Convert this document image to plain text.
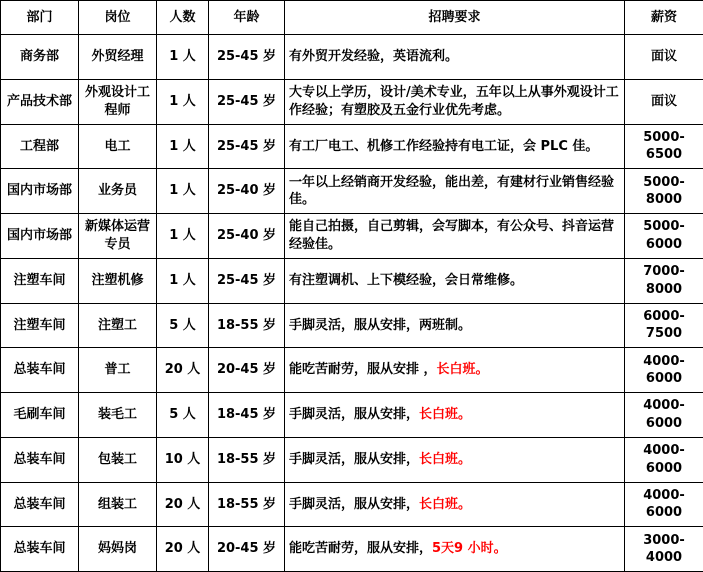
部门	岗位	人数	年龄	招聘要求	薪资
商务部	外贸经理	1 人	25-45 岁	有外贸开发经验，英语流利。	面议
产品技术部	外观设计工程师	1 人	25-45 岁	大专以上学历，设计/美术专业，五年以上从事外观设计工作经验；有塑胶及五金行业优先考虑。	面议
工程部	电工	1 人	25-45 岁	有工厂电工、机修工作经验持有电工证，会 PLC 佳。	5000-6500
国内市场部	业务员	1 人	25-40 岁	一年以上经销商开发经验，能出差，有建材行业销售经验佳。	5000-8000
国内市场部	新媒体运营专员	1 人	25-40 岁	能自己拍摄，自己剪辑，会写脚本，有公众号、抖音运营经验佳。	5000-6000
注塑车间	注塑机修	1 人	25-45 岁	有注塑调机、上下模经验，会日常维修。	7000-8000
注塑车间	注塑工	5 人	18-55 岁	手脚灵活，服从安排，两班制。	6000-7500
总装车间	普工	20 人	20-45 岁	能吃苦耐劳，服从安排 ，长白班。	4000-6000
毛刷车间	装毛工	5 人	18-45 岁	手脚灵活，服从安排，长白班。	4000-6000
总装车间	包装工	10 人	18-55 岁	手脚灵活，服从安排，长白班。	4000-6000
总装车间	组装工	20 人	18-55 岁	手脚灵活，服从安排，长白班。	4000-6000
总装车间	妈妈岗	20 人	20-45 岁	能吃苦耐劳，服从安排，5天9 小时。	3000-4000
